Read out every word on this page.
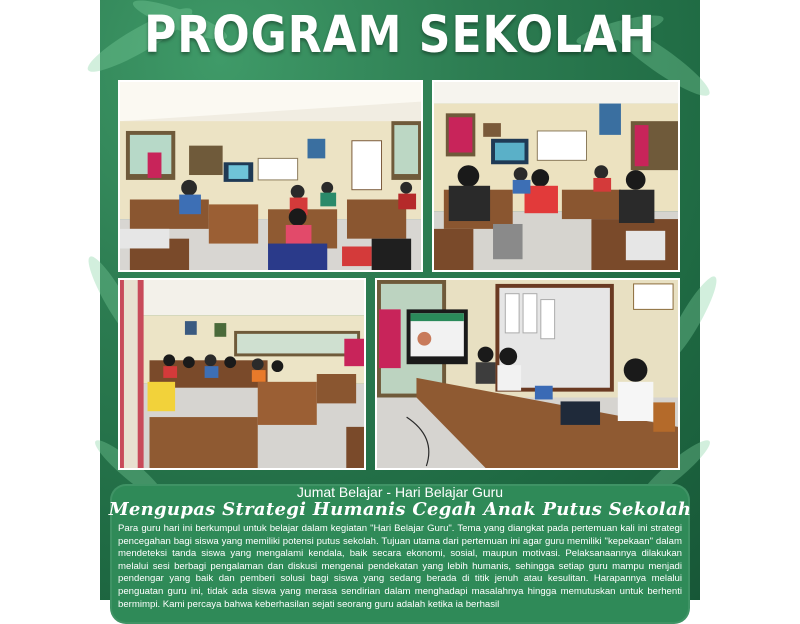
PROGRAM SEKOLAH
Jumat Belajar - Hari Belajar Guru
Mengupas Strategi Humanis Cegah Anak Putus Sekolah
Para guru hari ini berkumpul untuk belajar dalam kegiatan "Hari Belajar Guru". Tema yang diangkat pada pertemuan kali ini strategi pencegahan bagi siswa yang memiliki potensi putus sekolah. Tujuan utama dari pertemuan ini agar guru memiliki "kepekaan" dalam mendeteksi tanda siswa yang mengalami kendala, baik secara ekonomi, sosial, maupun motivasi. Pelaksanaannya dilakukan melalui sesi berbagi pengalaman dan diskusi mengenai pendekatan yang lebih humanis, sehingga setiap guru mampu menjadi pendengar yang baik dan pemberi solusi bagi siswa yang sedang berada di titik jenuh atau kesulitan. Harapannya melalui penguatan guru ini, tidak ada siswa yang merasa sendirian dalam menghadapi masalahnya hingga memutuskan untuk berhenti bermimpi. Kami percaya bahwa keberhasilan sejati seorang guru adalah ketika ia berhasil
